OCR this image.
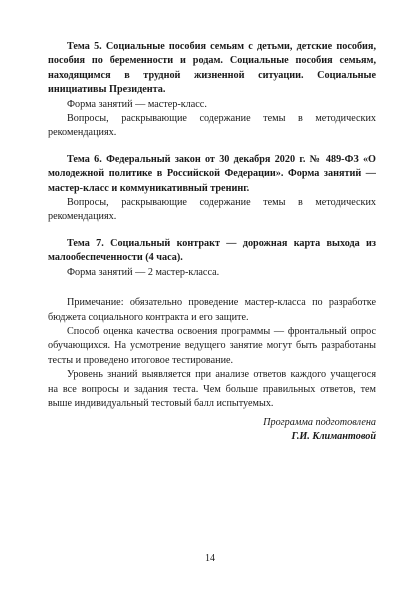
Тема 5. Социальные пособия семьям с детьми, детские пособия, пособия по беременности и родам. Социальные пособия семьям, находящимся в трудной жизненной ситуации. Социальные инициативы Президента.

Форма занятий — мастер-класс.

Вопросы, раскрывающие содержание темы в методических рекомендациях.

Тема 6. Федеральный закон от 30 декабря 2020 г. № 489-ФЗ «О молодежной политике в Российской Федерации». Форма занятий — мастер-класс и коммуникативный тренинг.

Вопросы, раскрывающие содержание темы в методических рекомендациях.

Тема 7. Социальный контракт — дорожная карта выхода из малообеспеченности (4 часа).

Форма занятий — 2 мастер-класса.

Примечание: обязательно проведение мастер-класса по разработке бюджета социального контракта и его защите.

Способ оценка качества освоения программы — фронтальный опрос обучающихся. На усмотрение ведущего занятие могут быть разработаны тесты и проведено итоговое тестирование.

Уровень знаний выявляется при анализе ответов каждого учащегося на все вопросы и задания теста. Чем больше правильных ответов, тем выше индивидуальный тестовый балл испытуемых.

Программа подготовлена
Г.И. Климантовой
14
